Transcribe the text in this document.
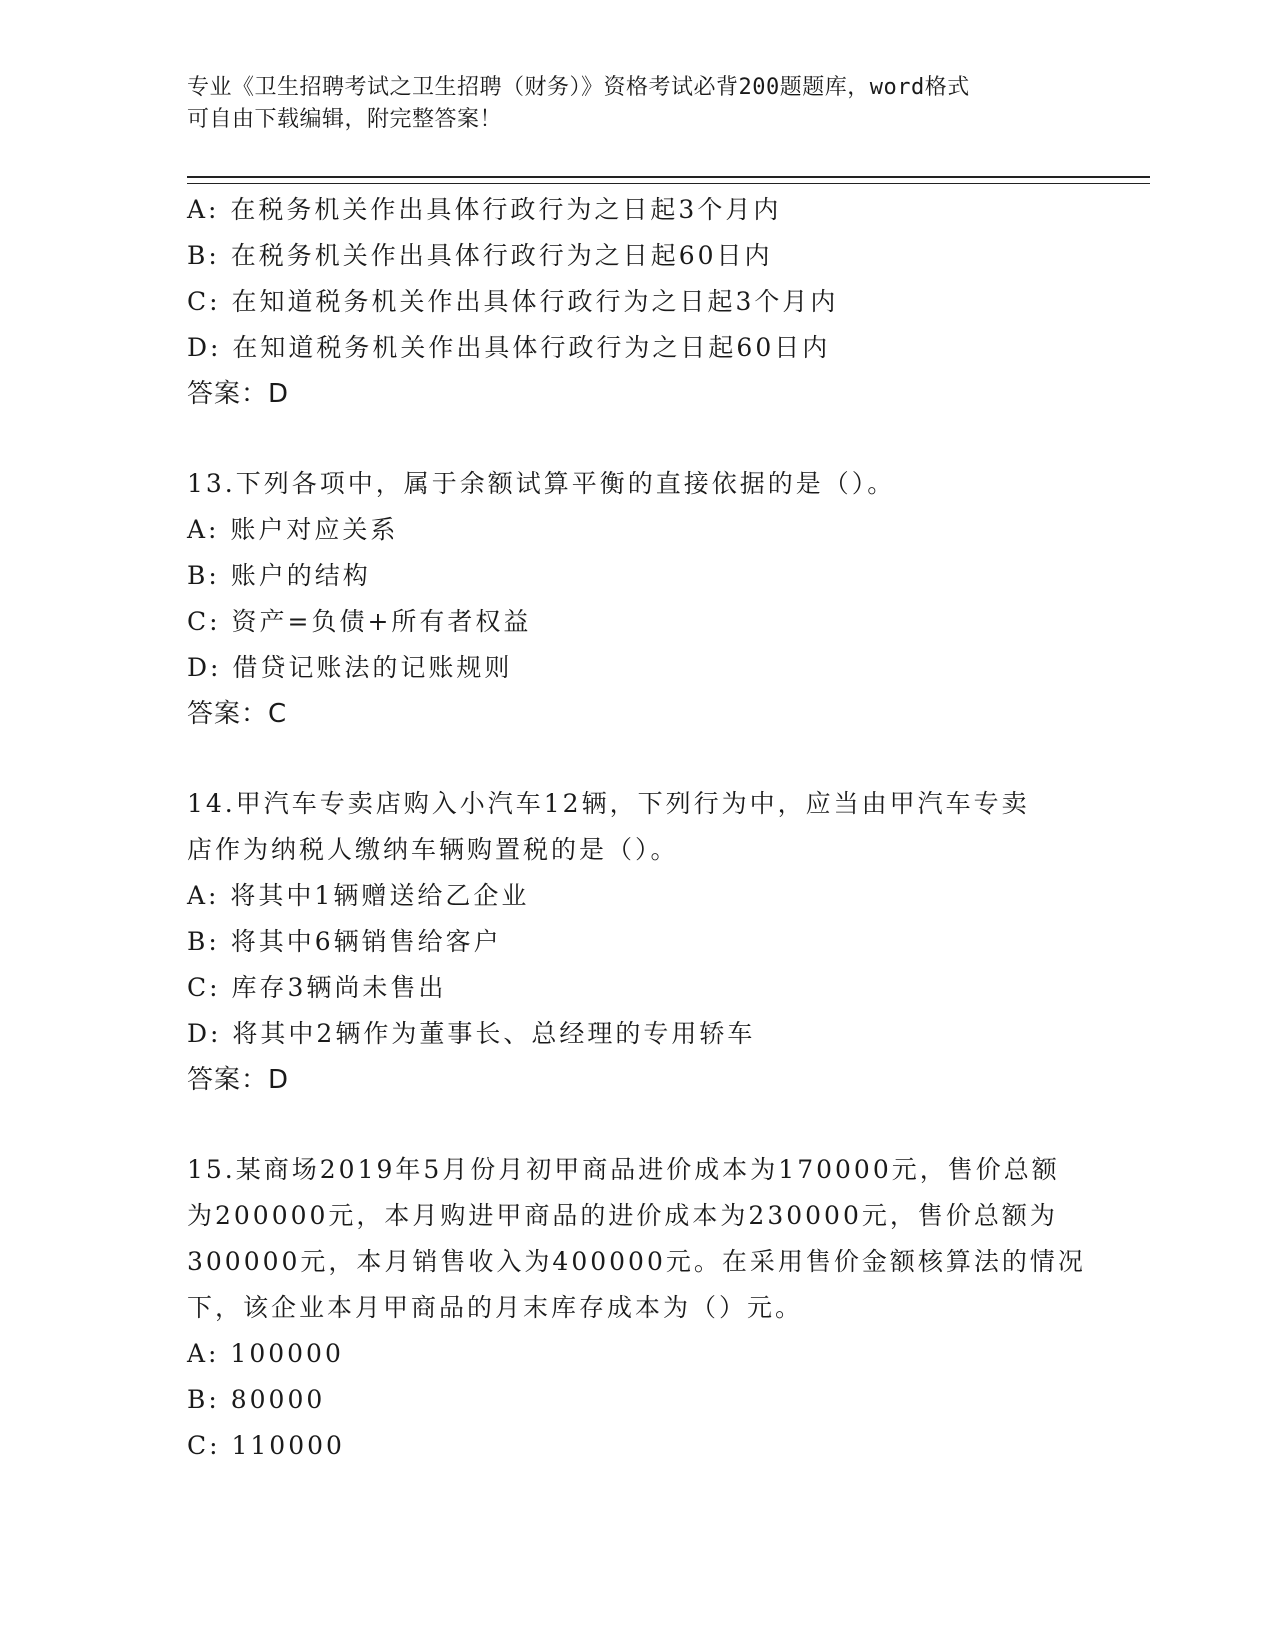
专业《卫生招聘考试之卫生招聘（财务）》资格考试必背200题题库，word格式
可自由下载编辑，附完整答案！
A: 在税务机关作出具体行政行为之日起3个月内
B: 在税务机关作出具体行政行为之日起60日内
C: 在知道税务机关作出具体行政行为之日起3个月内
D: 在知道税务机关作出具体行政行为之日起60日内
答案：D
13.下列各项中，属于余额试算平衡的直接依据的是（）。
A: 账户对应关系
B: 账户的结构
C: 资产=负债+所有者权益
D: 借贷记账法的记账规则
答案：C
14.甲汽车专卖店购入小汽车12辆，下列行为中，应当由甲汽车专卖
店作为纳税人缴纳车辆购置税的是（）。
A: 将其中1辆赠送给乙企业
B: 将其中6辆销售给客户
C: 库存3辆尚未售出
D: 将其中2辆作为董事长、总经理的专用轿车
答案：D
15.某商场2019年5月份月初甲商品进价成本为170000元，售价总额
为200000元，本月购进甲商品的进价成本为230000元，售价总额为
300000元，本月销售收入为400000元。在采用售价金额核算法的情况
下，该企业本月甲商品的月末库存成本为（）元。
A: 100000
B: 80000
C: 110000
